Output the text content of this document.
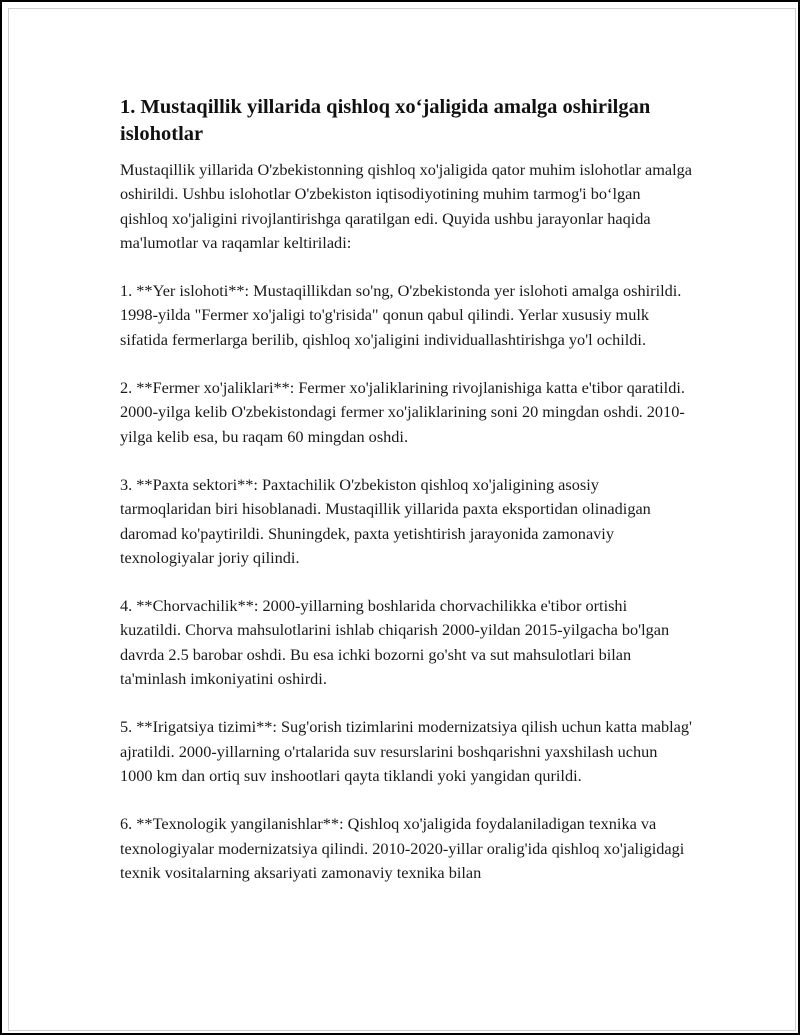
1. Mustaqillik yillarida qishloq xo‘jaligida amalga oshirilgan islohotlar

Mustaqillik yillarida O'zbekistonning qishloq xo'jaligida qator muhim islohotlar amalga oshirildi. Ushbu islohotlar O'zbekiston iqtisodiyotining muhim tarmog'i bo‘lgan qishloq xo'jaligini rivojlantirishga qaratilgan edi. Quyida ushbu jarayonlar haqida ma'lumotlar va raqamlar keltiriladi:

1. **Yer islohoti**: Mustaqillikdan so'ng, O'zbekistonda yer islohoti amalga oshirildi. 1998-yilda "Fermer xo'jaligi to'g'risida" qonun qabul qilindi. Yerlar xususiy mulk sifatida fermerlarga berilib, qishloq xo'jaligini individuallashtirishga yo'l ochildi.

2. **Fermer xo'jaliklari**: Fermer xo'jaliklarining rivojlanishiga katta e'tibor qaratildi. 2000-yilga kelib O'zbekistondagi fermer xo'jaliklarining soni 20 mingdan oshdi. 2010-yilga kelib esa, bu raqam 60 mingdan oshdi.

3. **Paxta sektori**: Paxtachilik O'zbekiston qishloq xo'jaligining asosiy tarmoqlaridan biri hisoblanadi. Mustaqillik yillarida paxta eksportidan olinadigan daromad ko'paytirildi. Shuningdek, paxta yetishtirish jarayonida zamonaviy texnologiyalar joriy qilindi.

4. **Chorvachilik**: 2000-yillarning boshlarida chorvachilikka e'tibor ortishi kuzatildi. Chorva mahsulotlarini ishlab chiqarish 2000-yildan 2015-yilgacha bo'lgan davrda 2.5 barobar oshdi. Bu esa ichki bozorni go'sht va sut mahsulotlari bilan ta'minlash imkoniyatini oshirdi.

5. **Irigatsiya tizimi**: Sug'orish tizimlarini modernizatsiya qilish uchun katta mablag' ajratildi. 2000-yillarning o'rtalarida suv resurslarini boshqarishni yaxshilash uchun 1000 km dan ortiq suv inshootlari qayta tiklandi yoki yangidan qurildi.

6. **Texnologik yangilanishlar**: Qishloq xo'jaligida foydalaniladigan texnika va texnologiyalar modernizatsiya qilindi. 2010-2020-yillar oralig'ida qishloq xo'jaligidagi texnik vositalarning aksariyati zamonaviy texnika bilan
